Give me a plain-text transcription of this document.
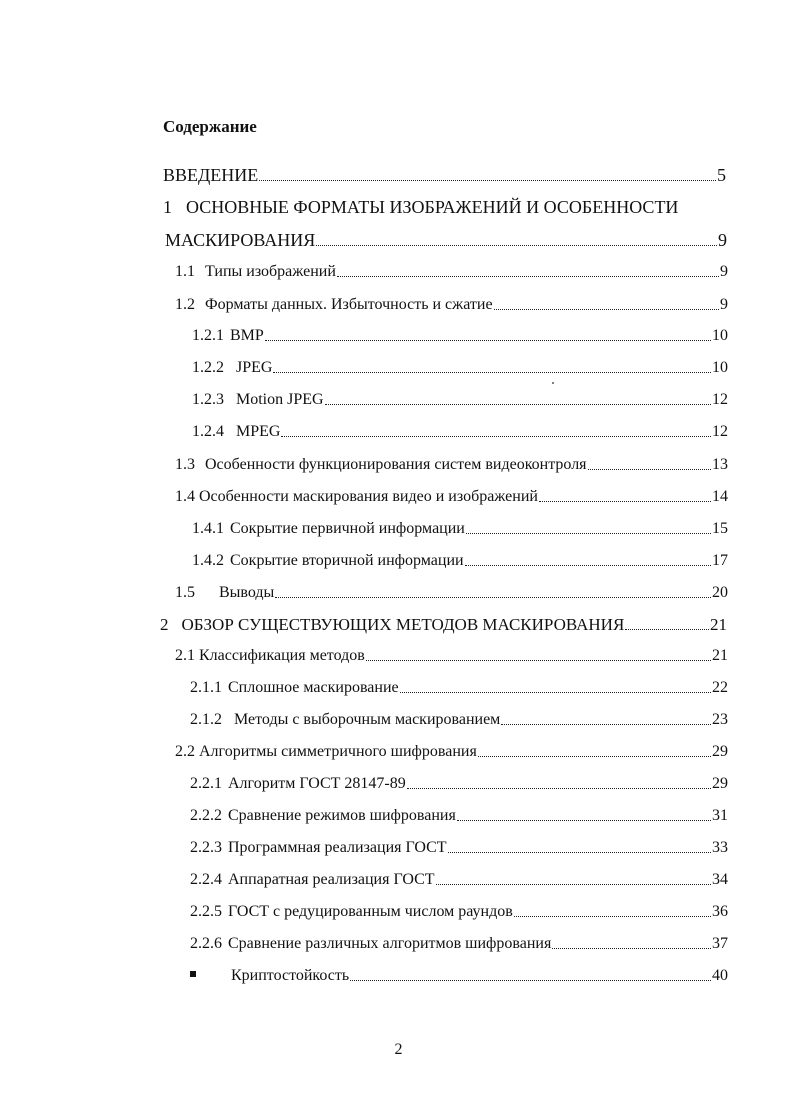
Содержание
ВВЕДЕНИЕ	5
1 ОСНОВНЫЕ ФОРМАТЫ ИЗОБРАЖЕНИЙ И ОСОБЕННОСТИ
МАСКИРОВАНИЯ	9
1.1 Типы изображений	9
1.2 Форматы данных. Избыточность и сжатие	9
1.2.1 BMP	10
1.2.2 JPEG	10
1.2.3 Motion JPEG	12
1.2.4 MPEG	12
1.3 Особенности функционирования систем видеоконтроля	13
1.4 Особенности маскирования видео и изображений	14
1.4.1 Сокрытие первичной информации	15
1.4.2 Сокрытие вторичной информации	17
1.5 Выводы	20
2 ОБЗОР СУЩЕСТВУЮЩИХ МЕТОДОВ МАСКИРОВАНИЯ	21
2.1 Классификация методов	21
2.1.1 Сплошное маскирование	22
2.1.2 Методы с выборочным маскированием	23
2.2 Алгоритмы симметричного шифрования	29
2.2.1 Алгоритм ГОСТ 28147-89	29
2.2.2 Сравнение режимов шифрования	31
2.2.3 Программная реализация ГОСТ	33
2.2.4 Аппаратная реализация ГОСТ	34
2.2.5 ГОСТ с редуцированным числом раундов	36
2.2.6 Сравнение различных алгоритмов шифрования	37
Криптостойкость	40

2
